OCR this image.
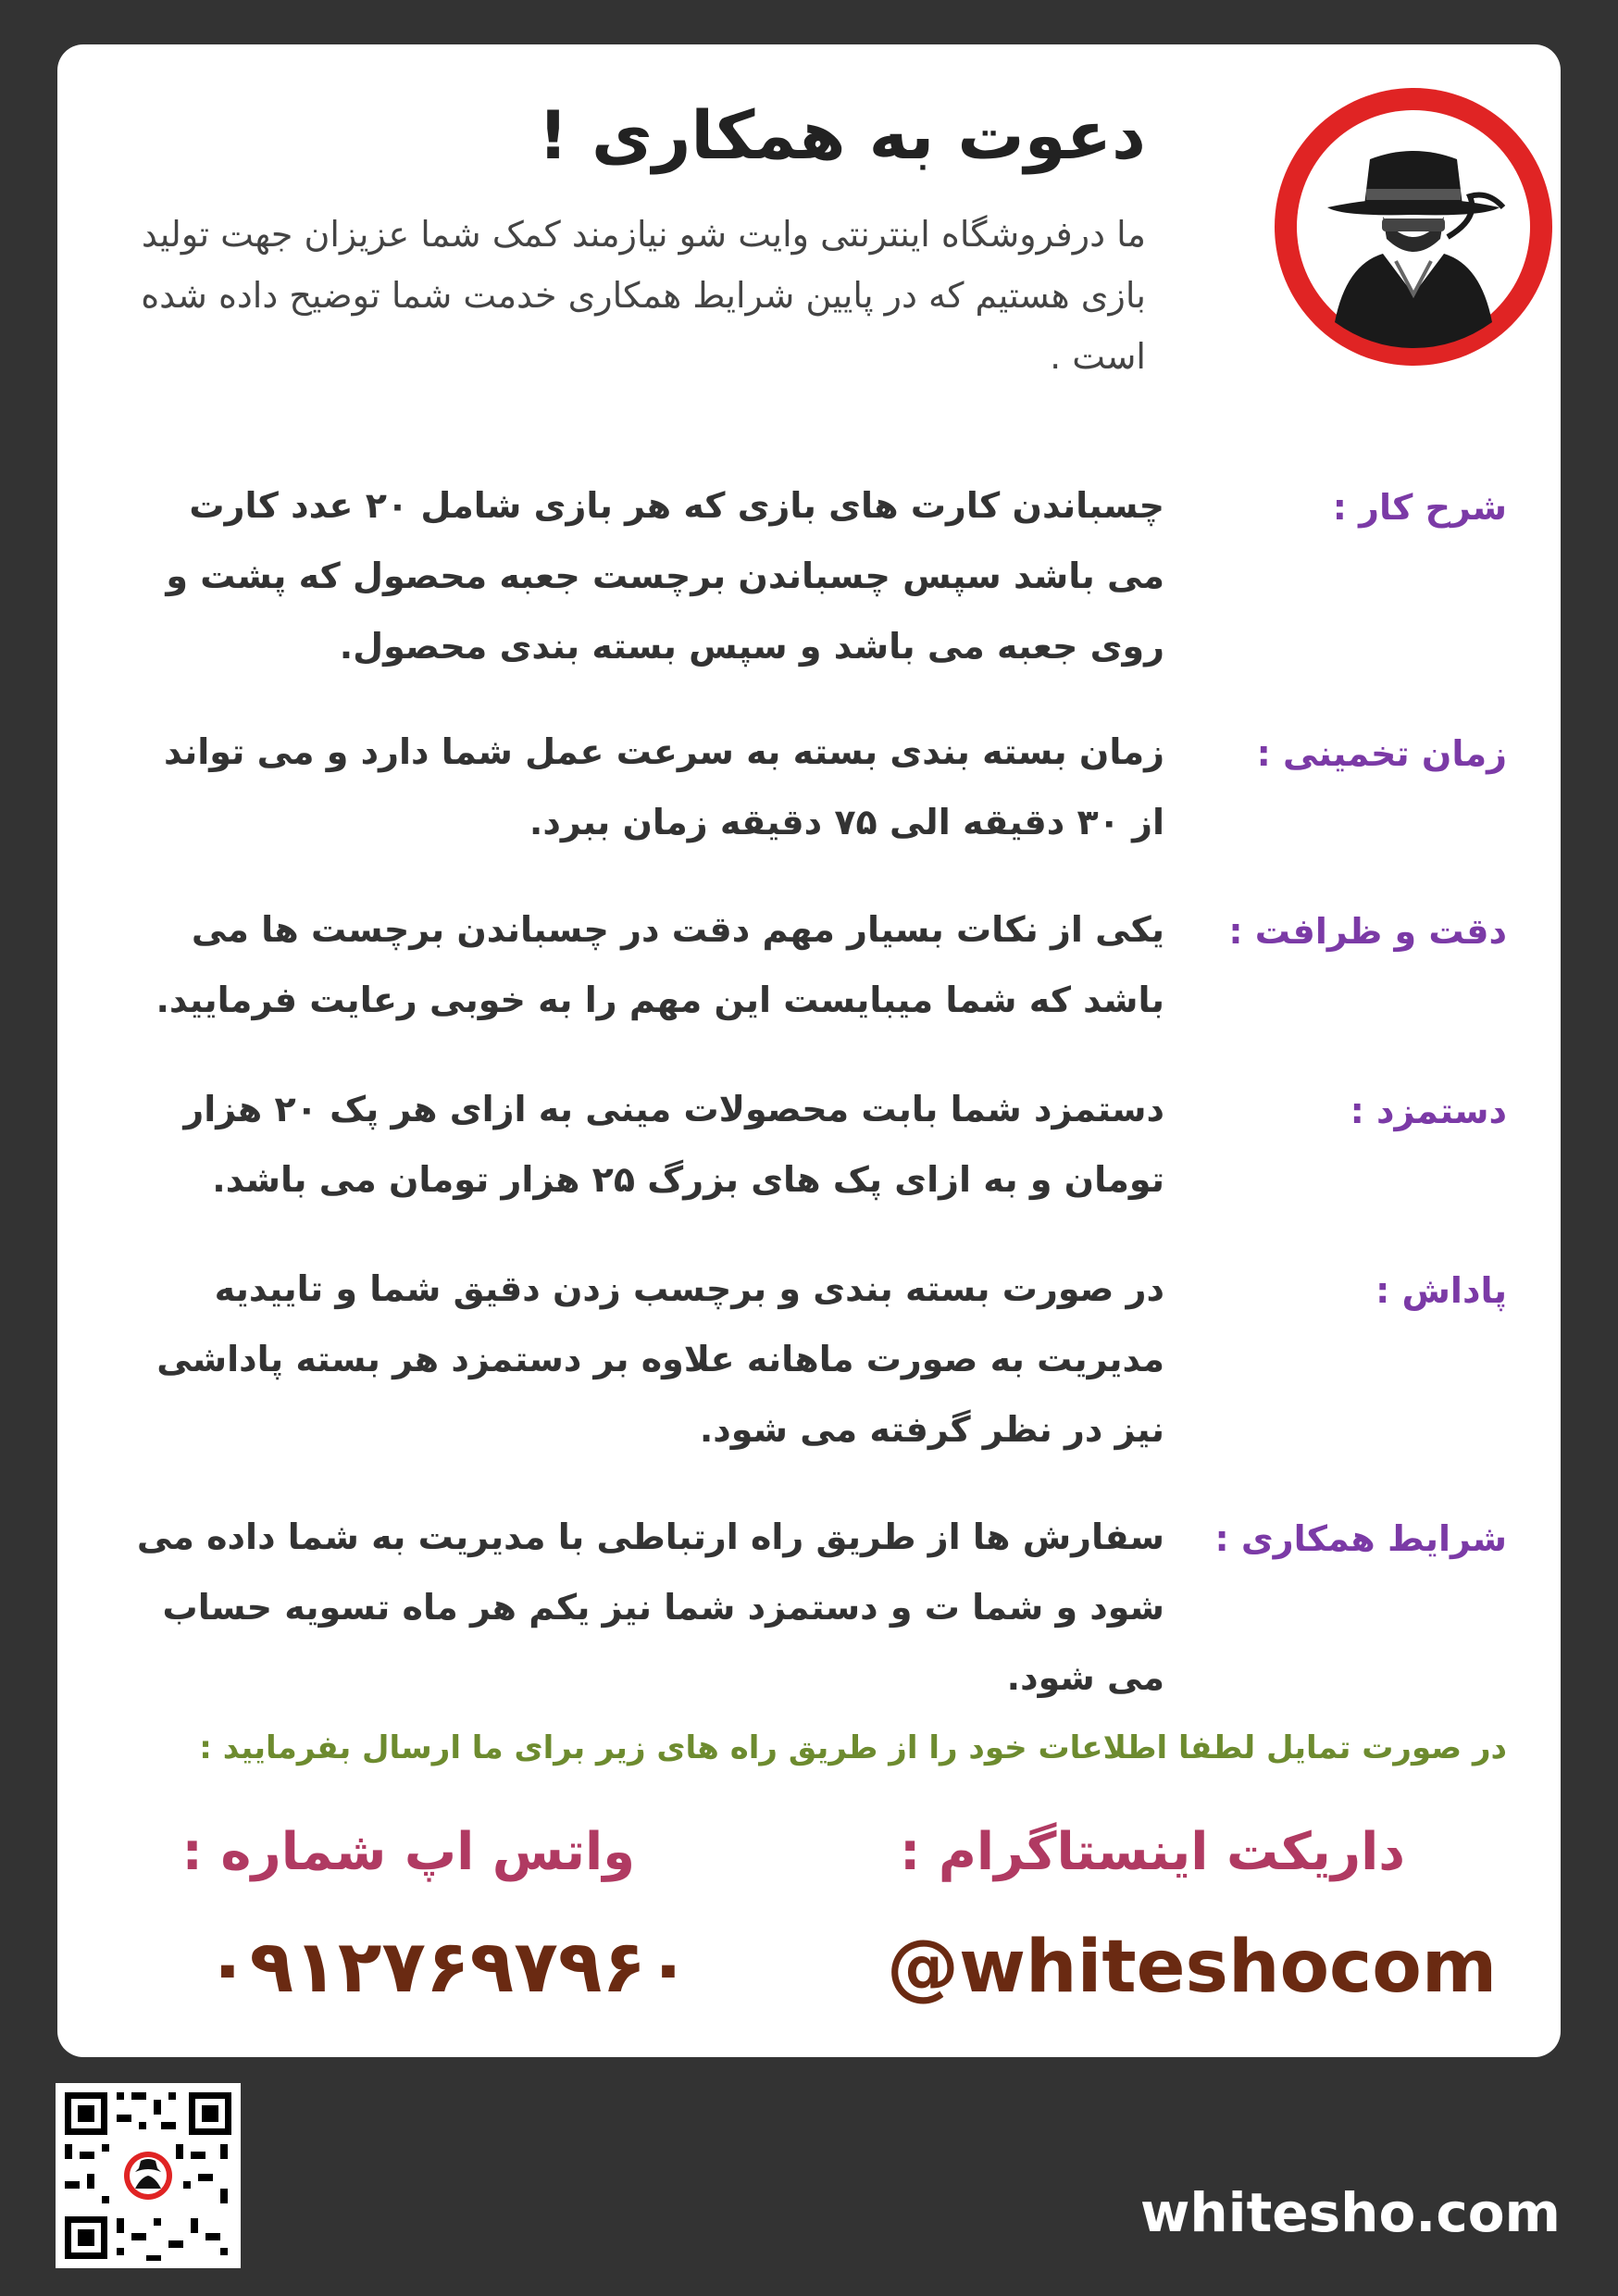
دعوت به همکاری !

ما درفروشگاه اینترنتی وایت شو نیازمند کمک شما عزیزان جهت تولید بازی هستیم که در پایین شرایط همکاری خدمت شما توضیح داده شده است .

شرح کار :

چسباندن کارت های بازی که هر بازی شامل ۲۰ عدد کارت می باشد سپس چسباندن برچست جعبه محصول که پشت و روی جعبه می باشد و سپس بسته بندی محصول.

زمان تخمینی :

زمان بسته بندی بسته به سرعت عمل شما دارد و می تواند از ۳۰ دقیقه الی ۷۵ دقیقه زمان ببرد.

دقت و ظرافت :

یکی از نکات بسیار مهم دقت در چسباندن برچست ها می باشد که شما میبایست این مهم را به خوبی رعایت فرمایید.

دستمزد :

دستمزد شما بابت محصولات مینی به ازای هر پک ۲۰ هزار تومان و به ازای پک های بزرگ ۲۵ هزار تومان می باشد.

پاداش :

در صورت بسته بندی و برچسب زدن دقیق شما و تاییدیه مدیریت به صورت ماهانه علاوه بر دستمزد هر بسته پاداشی نیز در نظر گرفته می شود.

شرایط همکاری :

سفارش ها از طریق راه ارتباطی با مدیریت به شما داده می شود و شما ت و دستمزد شما نیز یکم هر ماه تسویه حساب می شود.

در صورت تمایل لطفا اطلاعات خود را از طریق راه های زیر برای ما ارسال بفرمایید :

داریکت اینستاگرام :

واتس اپ شماره :

@whiteshocom

۰۹۱۲۷۶۹۷۹۶۰

whitesho.com
